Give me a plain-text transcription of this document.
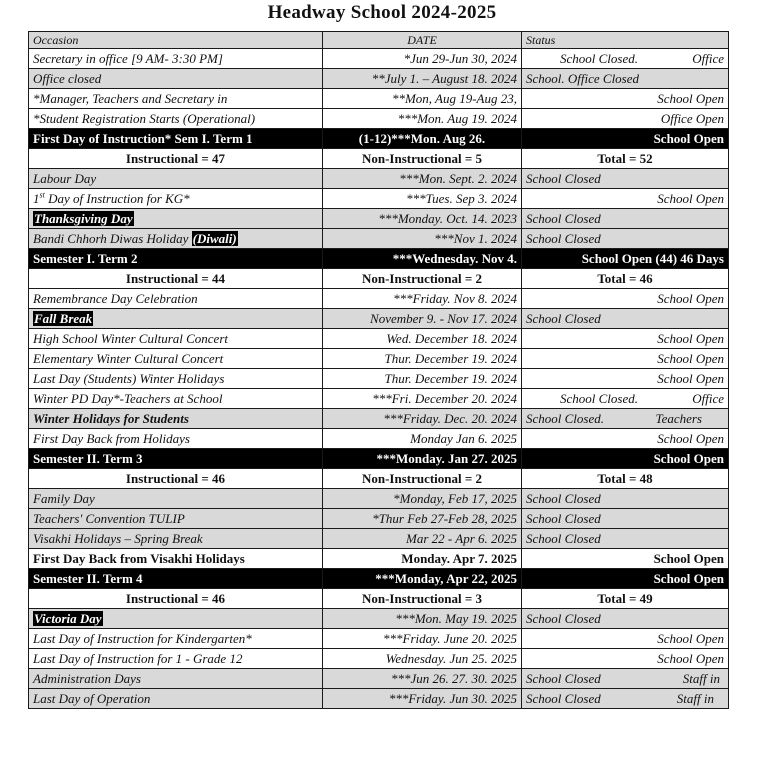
Headway School 2024-2025
Occasion	DATE	Status
Secretary in office [9 AM- 3:30 PM]	*Jun 29-Jun 30, 2024	School Closed. Office

Office closed	**July 1. – August 18. 2024	School. Office Closed
*Manager, Teachers and Secretary in	**Mon, Aug 19-Aug 23,	School Open
*Student Registration Starts (Operational)	***Mon. Aug 19. 2024	Office Open
First Day of Instruction* Sem I. Term 1	(1-12)***Mon. Aug 26.	School Open
Instructional = 47	Non-Instructional = 5	Total = 52
Labour Day	***Mon. Sept. 2. 2024	School Closed
1st Day of Instruction for KG*	***Tues. Sep 3. 2024	School Open
Thanksgiving Day	***Monday. Oct. 14. 2023	School Closed
Bandi Chhorh Diwas Holiday (Diwali)	***Nov 1. 2024	School Closed
Semester I. Term 2	***Wednesday. Nov 4.	School Open (44) 46 Days
Instructional = 44	Non-Instructional = 2	Total = 46
Remembrance Day Celebration	***Friday. Nov 8. 2024	School Open
Fall Break	November 9. - Nov 17. 2024	School Closed
High School Winter Cultural Concert	Wed. December 18. 2024	School Open
Elementary Winter Cultural Concert	Thur. December 19. 2024	School Open
Last Day (Students) Winter Holidays	Thur. December 19. 2024	School Open
Winter PD Day*-Teachers at School	***Fri. December 20. 2024	School Closed. Office

Winter Holidays for Students	***Friday. Dec. 20. 2024	School Closed. Teachers

First Day Back from Holidays	Monday Jan 6. 2025	School Open
Semester II. Term 3	***Monday. Jan 27. 2025	School Open
Instructional = 46	Non-Instructional = 2	Total = 48
Family Day	*Monday, Feb 17, 2025	School Closed
Teachers' Convention TULIP	*Thur Feb 27-Feb 28, 2025	School Closed
Visakhi Holidays – Spring Break	Mar 22 - Apr 6. 2025	School Closed
First Day Back from Visakhi Holidays	Monday. Apr 7. 2025	School Open
Semester II. Term 4	***Monday, Apr 22, 2025	School Open
Instructional = 46	Non-Instructional = 3	Total = 49
Victoria Day	***Mon. May 19. 2025	School Closed
Last Day of Instruction for Kindergarten*	***Friday. June 20. 2025	School Open
Last Day of Instruction for 1 - Grade 12	Wednesday. Jun 25. 2025	School Open
Administration Days	***Jun 26. 27. 30. 2025	School Closed Staff in

Last Day of Operation	***Friday. Jun 30. 2025	School Closed Staff in
